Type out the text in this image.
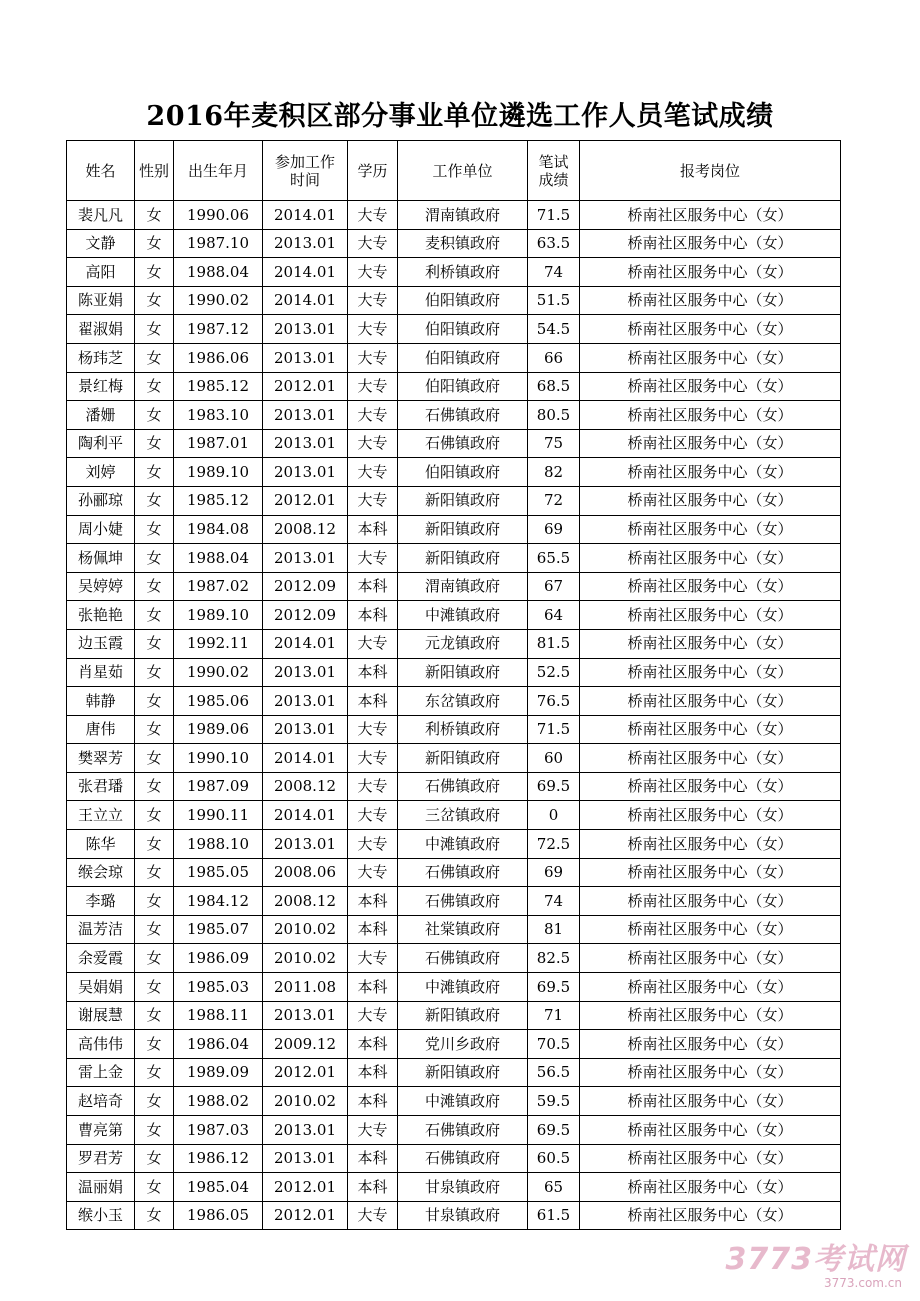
2016年麦积区部分事业单位遴选工作人员笔试成绩
姓名	性别	出生年月	参加工作时间	学历	工作单位	笔试成绩	报考岗位
裴凡凡	女	1990.06	2014.01	大专	渭南镇政府	71.5	桥南社区服务中心（女）
文静	女	1987.10	2013.01	大专	麦积镇政府	63.5	桥南社区服务中心（女）
高阳	女	1988.04	2014.01	大专	利桥镇政府	74	桥南社区服务中心（女）
陈亚娟	女	1990.02	2014.01	大专	伯阳镇政府	51.5	桥南社区服务中心（女）
翟淑娟	女	1987.12	2013.01	大专	伯阳镇政府	54.5	桥南社区服务中心（女）
杨玮芝	女	1986.06	2013.01	大专	伯阳镇政府	66	桥南社区服务中心（女）
景红梅	女	1985.12	2012.01	大专	伯阳镇政府	68.5	桥南社区服务中心（女）
潘姗	女	1983.10	2013.01	大专	石佛镇政府	80.5	桥南社区服务中心（女）
陶利平	女	1987.01	2013.01	大专	石佛镇政府	75	桥南社区服务中心（女）
刘婷	女	1989.10	2013.01	大专	伯阳镇政府	82	桥南社区服务中心（女）
孙郦琼	女	1985.12	2012.01	大专	新阳镇政府	72	桥南社区服务中心（女）
周小婕	女	1984.08	2008.12	本科	新阳镇政府	69	桥南社区服务中心（女）
杨佩坤	女	1988.04	2013.01	大专	新阳镇政府	65.5	桥南社区服务中心（女）
吴婷婷	女	1987.02	2012.09	本科	渭南镇政府	67	桥南社区服务中心（女）
张艳艳	女	1989.10	2012.09	本科	中滩镇政府	64	桥南社区服务中心（女）
边玉霞	女	1992.11	2014.01	大专	元龙镇政府	81.5	桥南社区服务中心（女）
肖星茹	女	1990.02	2013.01	本科	新阳镇政府	52.5	桥南社区服务中心（女）
韩静	女	1985.06	2013.01	本科	东岔镇政府	76.5	桥南社区服务中心（女）
唐伟	女	1989.06	2013.01	大专	利桥镇政府	71.5	桥南社区服务中心（女）
樊翠芳	女	1990.10	2014.01	大专	新阳镇政府	60	桥南社区服务中心（女）
张君璠	女	1987.09	2008.12	大专	石佛镇政府	69.5	桥南社区服务中心（女）
王立立	女	1990.11	2014.01	大专	三岔镇政府	0	桥南社区服务中心（女）
陈华	女	1988.10	2013.01	大专	中滩镇政府	72.5	桥南社区服务中心（女）
缑会琼	女	1985.05	2008.06	大专	石佛镇政府	69	桥南社区服务中心（女）
李璐	女	1984.12	2008.12	本科	石佛镇政府	74	桥南社区服务中心（女）
温芳洁	女	1985.07	2010.02	本科	社棠镇政府	81	桥南社区服务中心（女）
余爱霞	女	1986.09	2010.02	大专	石佛镇政府	82.5	桥南社区服务中心（女）
吴娟娟	女	1985.03	2011.08	本科	中滩镇政府	69.5	桥南社区服务中心（女）
谢展慧	女	1988.11	2013.01	大专	新阳镇政府	71	桥南社区服务中心（女）
高伟伟	女	1986.04	2009.12	本科	党川乡政府	70.5	桥南社区服务中心（女）
雷上金	女	1989.09	2012.01	本科	新阳镇政府	56.5	桥南社区服务中心（女）
赵培奇	女	1988.02	2010.02	本科	中滩镇政府	59.5	桥南社区服务中心（女）
曹亮第	女	1987.03	2013.01	大专	石佛镇政府	69.5	桥南社区服务中心（女）
罗君芳	女	1986.12	2013.01	本科	石佛镇政府	60.5	桥南社区服务中心（女）
温丽娟	女	1985.04	2012.01	本科	甘泉镇政府	65	桥南社区服务中心（女）
缑小玉	女	1986.05	2012.01	大专	甘泉镇政府	61.5	桥南社区服务中心（女）
3773考试网
3773.com.cn
